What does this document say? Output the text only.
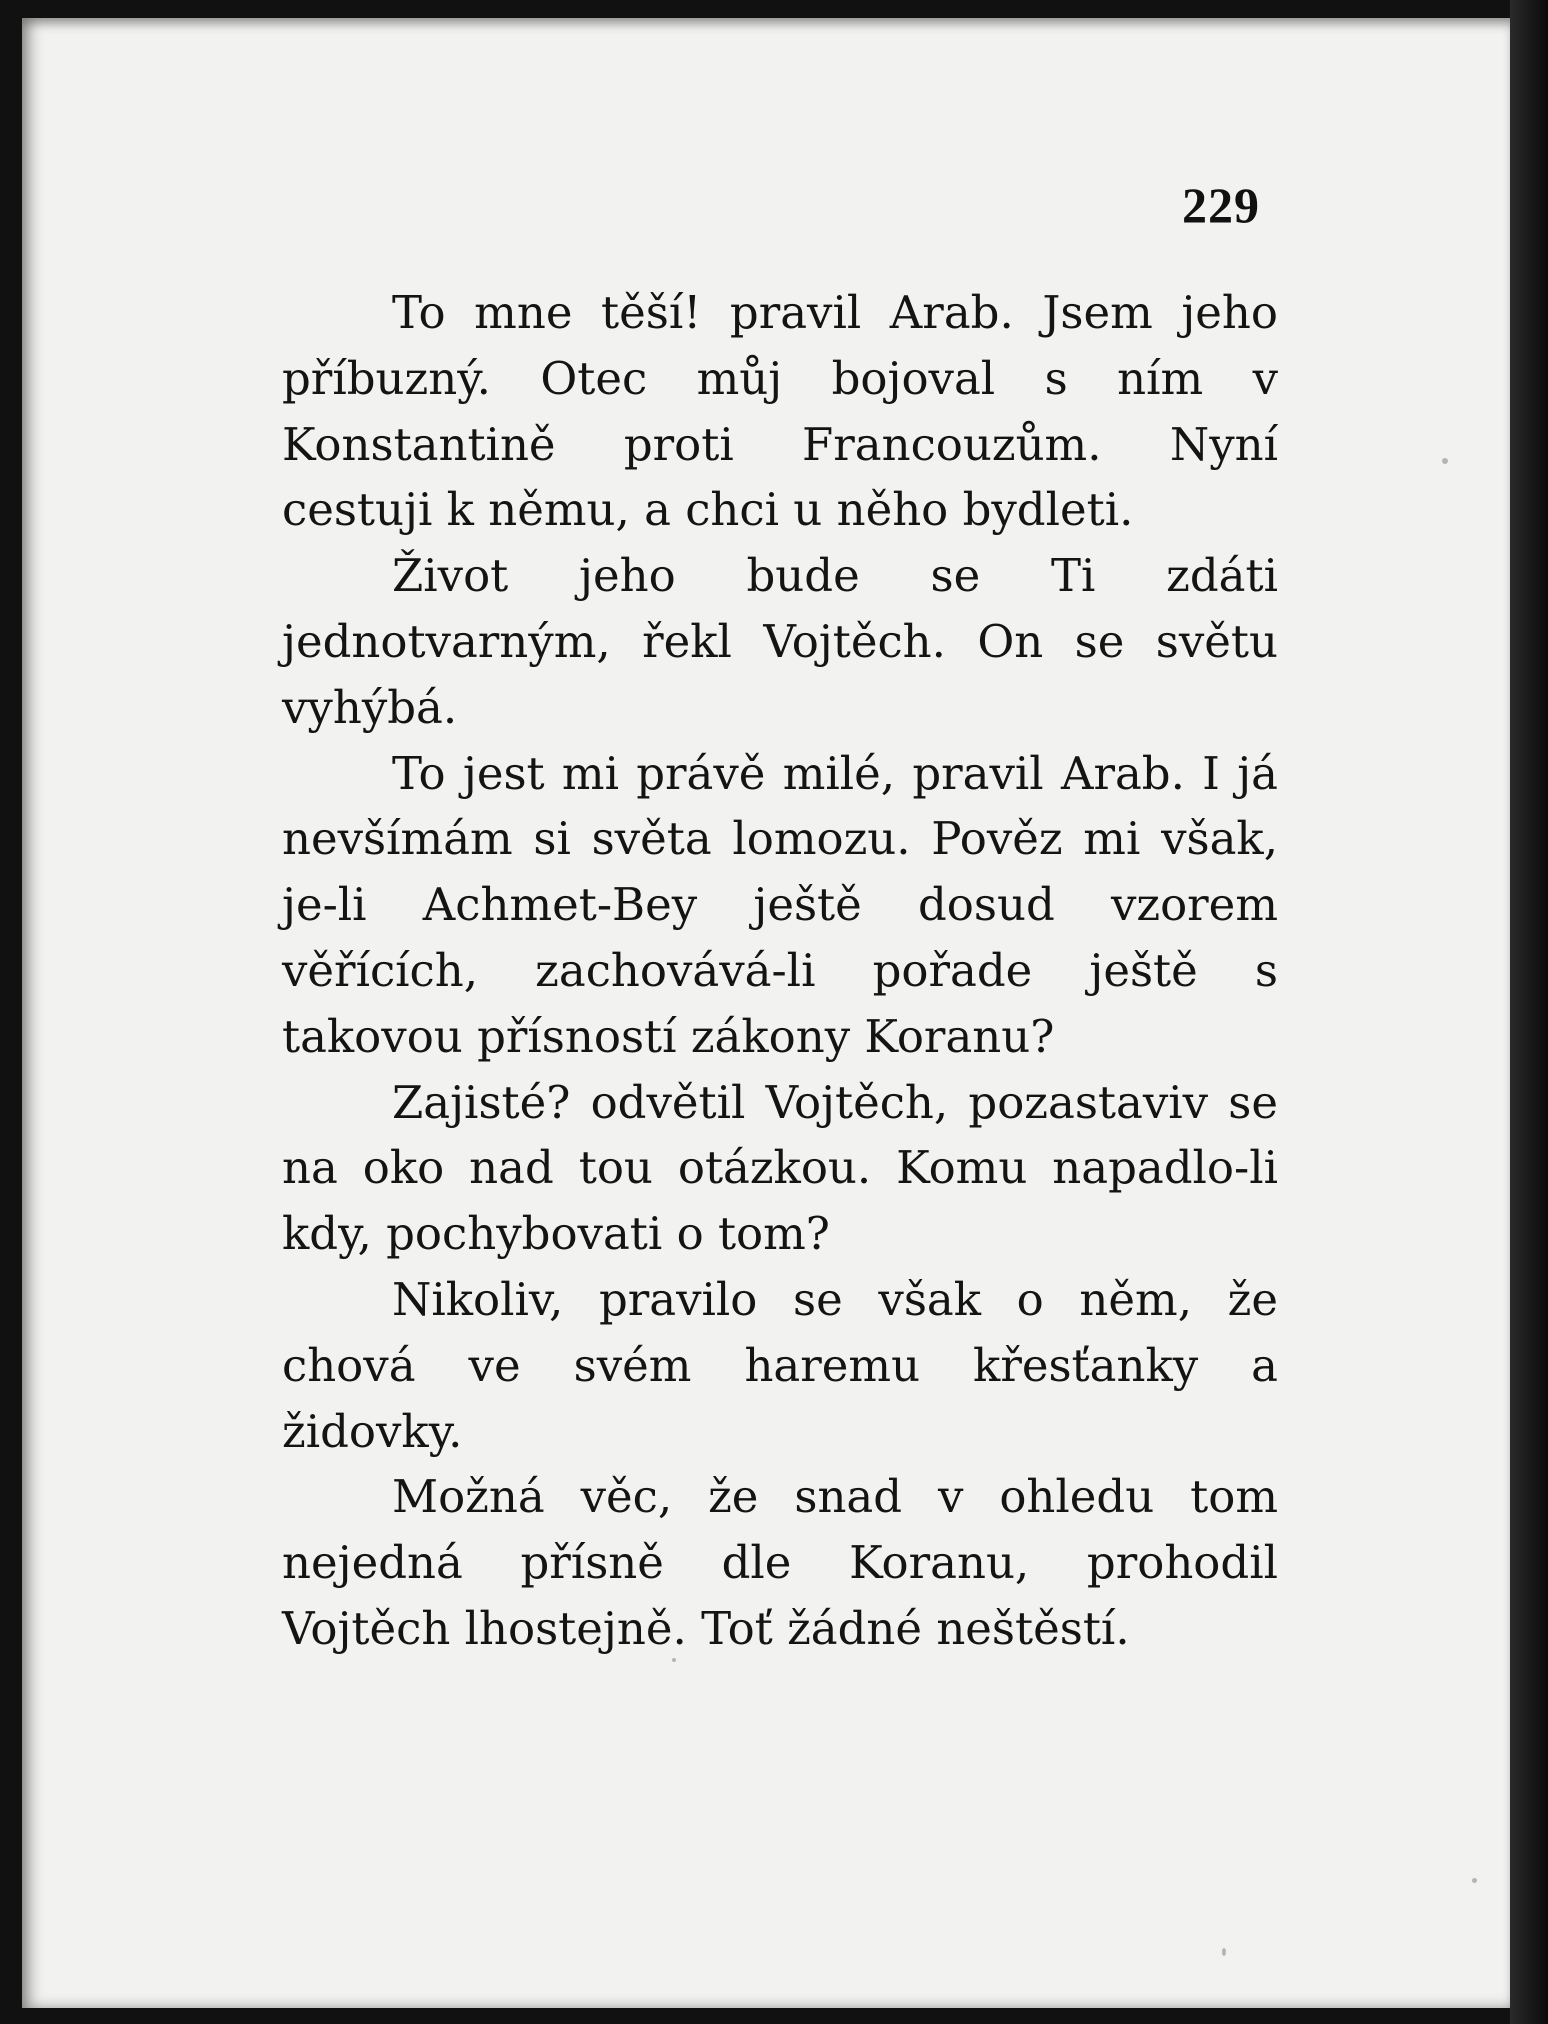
229

To mne těší! pravil Arab. Jsem jeho příbuzný. Otec můj bojoval s ním v Konstantině proti Francouzům. Nyní cestuji k němu, a chci u něho bydleti.

Život jeho bude se Ti zdáti jednotvarným, řekl Vojtěch. On se světu vyhýbá.

To jest mi právě milé, pravil Arab. I já nevšímám si světa lomozu. Pověz mi však, je-li Achmet-Bey ještě dosud vzorem věřících, zachovává-li pořade ještě s takovou přísností zákony Koranu?

Zajisté? odvětil Vojtěch, pozastaviv se na oko nad tou otázkou. Komu napadlo-li kdy, pochybovati o tom?

Nikoliv, pravilo se však o něm, že chová ve svém haremu křesťanky a židovky.

Možná věc, že snad v ohledu tom nejedná přísně dle Koranu, prohodil Vojtěch lhostejně. Toť žádné neštěstí.
